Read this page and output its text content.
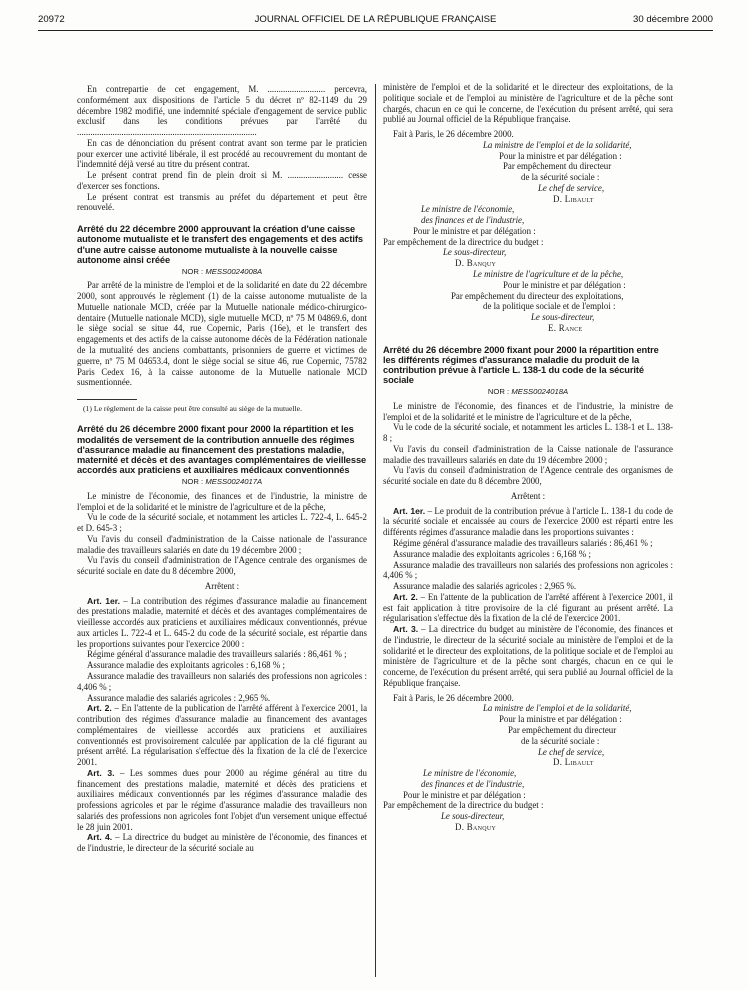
20972	JOURNAL OFFICIEL DE LA RÉPUBLIQUE FRANÇAISE	30 décembre 2000

En contrepartie de cet engagement, M. .......................... percevra, conformément aux dispositions de l'article 5 du décret nº 82-1149 du 29 décembre 1982 modifié, une indemnité spéciale d'engagement de service public exclusif dans les conditions prévues par l'arrêté du .................................................................................

En cas de dénonciation du présent contrat avant son terme par le praticien pour exercer une activité libérale, il est procédé au recouvrement du montant de l'indemnité déjà versé au titre du présent contrat.

Le présent contrat prend fin de plein droit si M. ......................... cesse d'exercer ses fonctions.

Le présent contrat est transmis au préfet du département et peut être renouvelé.

Arrêté du 22 décembre 2000 approuvant la création d'une caisse autonome mutualiste et le transfert des engagements et des actifs d'une autre caisse autonome mutualiste à la nouvelle caisse autonome ainsi créée
NOR : MESS0024008A

Par arrêté de la ministre de l'emploi et de la solidarité en date du 22 décembre 2000, sont approuvés le règlement (1) de la caisse autonome mutualiste de la Mutuelle nationale MCD, créée par la Mutuelle nationale médico-chirurgico-dentaire (Mutuelle nationale MCD), sigle mutuelle MCD, nº 75 M 04869.6, dont le siège social se situe 44, rue Copernic, Paris (16e), et le transfert des engagements et des actifs de la caisse autonome décès de la Fédération nationale de la mutualité des anciens combattants, prisonniers de guerre et victimes de guerre, nº 75 M 04653.4, dont le siège social se situe 46, rue Copernic, 75782 Paris Cedex 16, à la caisse autonome de la Mutuelle nationale MCD susmentionnée.

(1) Le règlement de la caisse peut être consulté au siège de la mutuelle.

Arrêté du 26 décembre 2000 fixant pour 2000 la répartition et les modalités de versement de la contribution annuelle des régimes d'assurance maladie au financement des prestations maladie, maternité et décès et des avantages complémentaires de vieillesse accordés aux praticiens et auxiliaires médicaux conventionnés
NOR : MESS0024017A

Le ministre de l'économie, des finances et de l'industrie, la ministre de l'emploi et de la solidarité et le ministre de l'agriculture et de la pêche,

Vu le code de la sécurité sociale, et notamment les articles L. 722-4, L. 645-2 et D. 645-3 ;

Vu l'avis du conseil d'administration de la Caisse nationale de l'assurance maladie des travailleurs salariés en date du 19 décembre 2000 ;

Vu l'avis du conseil d'administration de l'Agence centrale des organismes de sécurité sociale en date du 8 décembre 2000,

Arrêtent :

Art. 1er. – La contribution des régimes d'assurance maladie au financement des prestations maladie, maternité et décès et des avantages complémentaires de vieillesse accordés aux praticiens et auxiliaires médicaux conventionnés, prévue aux articles L. 722-4 et L. 645-2 du code de la sécurité sociale, est répartie dans les proportions suivantes pour l'exercice 2000 :

Régime général d'assurance maladie des travailleurs salariés : 86,461 % ;

Assurance maladie des exploitants agricoles : 6,168 % ;

Assurance maladie des travailleurs non salariés des professions non agricoles : 4,406 % ;

Assurance maladie des salariés agricoles : 2,965 %.

Art. 2. – En l'attente de la publication de l'arrêté afférent à l'exercice 2001, la contribution des régimes d'assurance maladie au financement des avantages complémentaires de vieillesse accordés aux praticiens et auxiliaires conventionnés est provisoirement calculée par application de la clé figurant au présent arrêté. La régularisation s'effectue dès la fixation de la clé de l'exercice 2001.

Art. 3. – Les sommes dues pour 2000 au régime général au titre du financement des prestations maladie, maternité et décès des praticiens et auxiliaires médicaux conventionnés par les régimes d'assurance maladie des professions agricoles et par le régime d'assurance maladie des travailleurs non salariés des professions non agricoles font l'objet d'un versement unique effectué le 28 juin 2001.

Art. 4. – La directrice du budget au ministère de l'économie, des finances et de l'industrie, le directeur de la sécurité sociale au

ministère de l'emploi et de la solidarité et le directeur des exploitations, de la politique sociale et de l'emploi au ministère de l'agriculture et de la pêche sont chargés, chacun en ce qui le concerne, de l'exécution du présent arrêté, qui sera publié au Journal officiel de la République française.

Fait à Paris, le 26 décembre 2000.

La ministre de l'emploi et de la solidarité,

Pour la ministre et par délégation :

Par empêchement du directeur

de la sécurité sociale :

Le chef de service,

D. Libault

Le ministre de l'économie,

des finances et de l'industrie,

Pour le ministre et par délégation :

Par empêchement de la directrice du budget :

Le sous-directeur,

D. Banquy

Le ministre de l'agriculture et de la pêche,

Pour le ministre et par délégation :

Par empêchement du directeur des exploitations,

de la politique sociale et de l'emploi :

Le sous-directeur,

E. Rance

Arrêté du 26 décembre 2000 fixant pour 2000 la répartition entre les différents régimes d'assurance maladie du produit de la contribution prévue à l'article L. 138-1 du code de la sécurité sociale
NOR : MESS0024018A

Le ministre de l'économie, des finances et de l'industrie, la ministre de l'emploi et de la solidarité et le ministre de l'agriculture et de la pêche,

Vu le code de la sécurité sociale, et notamment les articles L. 138-1 et L. 138-8 ;

Vu l'avis du conseil d'administration de la Caisse nationale de l'assurance maladie des travailleurs salariés en date du 19 décembre 2000 ;

Vu l'avis du conseil d'administration de l'Agence centrale des organismes de sécurité sociale en date du 8 décembre 2000,

Arrêtent :

Art. 1er. – Le produit de la contribution prévue à l'article L. 138-1 du code de la sécurité sociale et encaissée au cours de l'exercice 2000 est réparti entre les différents régimes d'assurance maladie dans les proportions suivantes :

Régime général d'assurance maladie des travailleurs salariés : 86,461 % ;

Assurance maladie des exploitants agricoles : 6,168 % ;

Assurance maladie des travailleurs non salariés des professions non agricoles : 4,406 % ;

Assurance maladie des salariés agricoles : 2,965 %.

Art. 2. – En l'attente de la publication de l'arrêté afférent à l'exercice 2001, il est fait application à titre provisoire de la clé figurant au présent arrêté. La régularisation s'effectue dès la fixation de la clé de l'exercice 2001.

Art. 3. – La directrice du budget au ministère de l'économie, des finances et de l'industrie, le directeur de la sécurité sociale au ministère de l'emploi et de la solidarité et le directeur des exploitations, de la politique sociale et de l'emploi au ministère de l'agriculture et de la pêche sont chargés, chacun en ce qui le concerne, de l'exécution du présent arrêté, qui sera publié au Journal officiel de la République française.

Fait à Paris, le 26 décembre 2000.

La ministre de l'emploi et de la solidarité,

Pour la ministre et par délégation :

Par empêchement du directeur

de la sécurité sociale :

Le chef de service,

D. Libault

Le ministre de l'économie,

des finances et de l'industrie,

Pour le ministre et par délégation :

Par empêchement de la directrice du budget :

Le sous-directeur,

D. Banquy
